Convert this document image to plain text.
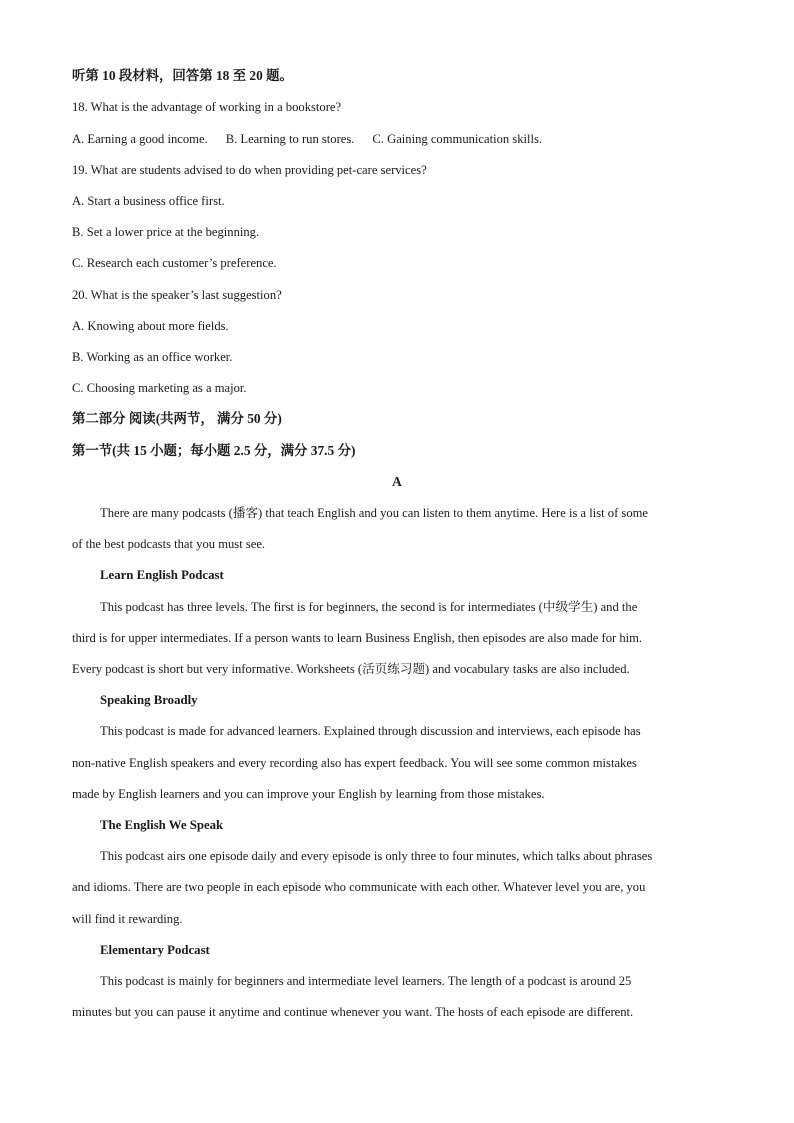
听第 10 段材料，回答第 18 至 20 题。
18. What is the advantage of working in a bookstore?
A. Earning a good income. B. Learning to run stores. C. Gaining communication skills.
19. What are students advised to do when providing pet-care services?
A. Start a business office first.
B. Set a lower price at the beginning.
C. Research each customer’s preference.
20. What is the speaker’s last suggestion?
A. Knowing about more fields.
B. Working as an office worker.
C. Choosing marketing as a major.
第二部分 阅读(共两节， 满分 50 分)
第一节(共 15 小题；每小题 2.5 分，满分 37.5 分)
A
There are many podcasts (播客) that teach English and you can listen to them anytime. Here is a list of some
of the best podcasts that you must see.
Learn English Podcast
This podcast has three levels. The first is for beginners, the second is for intermediates (中级学生) and the
third is for upper intermediates. If a person wants to learn Business English, then episodes are also made for him.
Every podcast is short but very informative. Worksheets (活页练习题) and vocabulary tasks are also included.
Speaking Broadly
This podcast is made for advanced learners. Explained through discussion and interviews, each episode has
non-native English speakers and every recording also has expert feedback. You will see some common mistakes
made by English learners and you can improve your English by learning from those mistakes.
The English We Speak
This podcast airs one episode daily and every episode is only three to four minutes, which talks about phrases
and idioms. There are two people in each episode who communicate with each other. Whatever level you are, you
will find it rewarding.
Elementary Podcast
This podcast is mainly for beginners and intermediate level learners. The length of a podcast is around 25
minutes but you can pause it anytime and continue whenever you want. The hosts of each episode are different.
